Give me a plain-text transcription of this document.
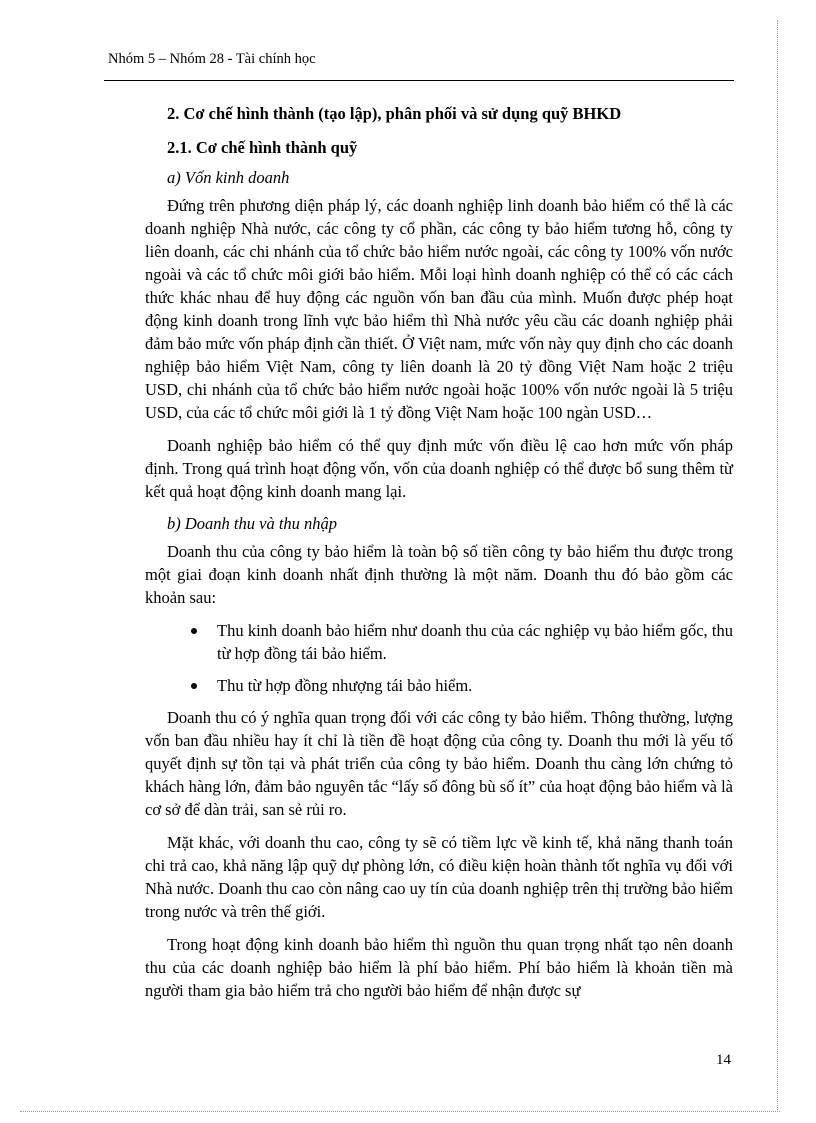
Nhóm 5 – Nhóm 28 - Tài chính học
2. Cơ chế hình thành (tạo lập), phân phối và sử dụng quỹ BHKD
2.1. Cơ chế hình thành quỹ
a) Vốn kinh doanh

Đứng trên phương diện pháp lý, các doanh nghiệp linh doanh bảo hiểm có thể là các doanh nghiệp Nhà nước, các công ty cổ phần, các công ty bảo hiểm tương hỗ, công ty liên doanh, các chi nhánh của tổ chức bảo hiểm nước ngoài, các công ty 100% vốn nước ngoài và các tổ chức môi giới bảo hiểm. Mỗi loại hình doanh nghiệp có thể có các cách thức khác nhau để huy động các nguồn vốn ban đầu của mình. Muốn được phép hoạt động kinh doanh trong lĩnh vực bảo hiểm thì Nhà nước yêu cầu các doanh nghiệp phải đảm bảo mức vốn pháp định cần thiết. Ở Việt nam, mức vốn này quy định cho các doanh nghiệp bảo hiểm Việt Nam, công ty liên doanh là 20 tỷ đồng Việt Nam hoặc 2 triệu USD, chi nhánh của tổ chức bảo hiểm nước ngoài hoặc 100% vốn nước ngoài là 5 triệu USD, của các tổ chức môi giới là 1 tỷ đồng Việt Nam hoặc 100 ngàn USD…

Doanh nghiệp bảo hiểm có thể quy định mức vốn điều lệ cao hơn mức vốn pháp định. Trong quá trình hoạt động vốn, vốn của doanh nghiệp có thể được bổ sung thêm từ kết quả hoạt động kinh doanh mang lại.

b) Doanh thu và thu nhập

Doanh thu của công ty bảo hiểm là toàn bộ số tiền công ty bảo hiểm thu được trong một giai đoạn kinh doanh nhất định thường là một năm. Doanh thu đó bảo gồm các khoản sau:

Thu kinh doanh bảo hiểm như doanh thu của các nghiệp vụ bảo hiểm gốc, thu từ hợp đồng tái bảo hiểm.
Thu từ hợp đồng nhượng tái bảo hiểm.

Doanh thu có ý nghĩa quan trọng đối với các công ty bảo hiểm. Thông thường, lượng vốn ban đầu nhiều hay ít chỉ là tiền đề hoạt động của công ty. Doanh thu mới là yếu tố quyết định sự tồn tại và phát triển của công ty bảo hiểm. Doanh thu càng lớn chứng tỏ khách hàng lớn, đảm bảo nguyên tắc “lấy số đông bù số ít” của hoạt động bảo hiểm và là cơ sở để dàn trải, san sẻ rủi ro.

Mặt khác, với doanh thu cao, công ty sẽ có tiềm lực về kinh tế, khả năng thanh toán chi trả cao, khả năng lập quỹ dự phòng lớn, có điều kiện hoàn thành tốt nghĩa vụ đối với Nhà nước. Doanh thu cao còn nâng cao uy tín của doanh nghiệp trên thị trường bảo hiểm trong nước và trên thế giới.

Trong hoạt động kinh doanh bảo hiểm thì nguồn thu quan trọng nhất tạo nên doanh thu của các doanh nghiệp bảo hiểm là phí bảo hiểm. Phí bảo hiểm là khoản tiền mà người tham gia bảo hiểm trả cho người bảo hiểm để nhận được sự

14
